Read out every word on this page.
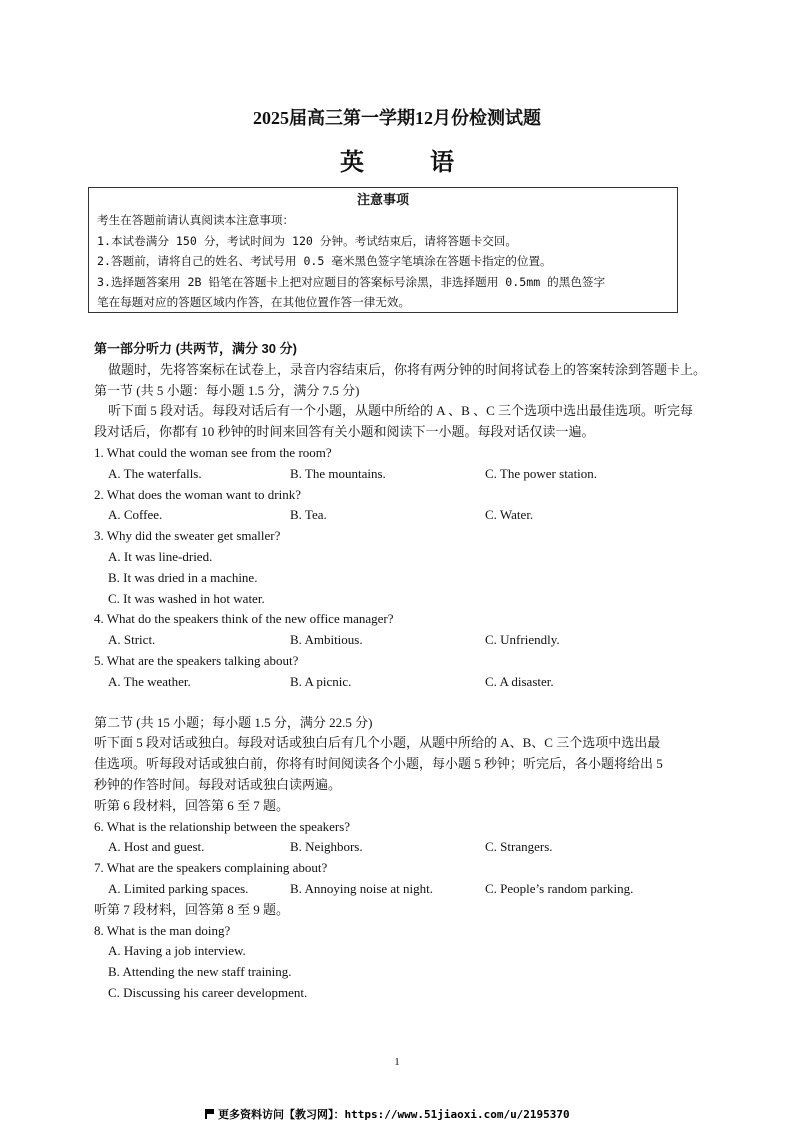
2025届高三第一学期12月份检测试题
英 语
注意事项

考生在答题前请认真阅读本注意事项：

1.本试卷满分 150 分，考试时间为 120 分钟。考试结束后，请将答题卡交回。

2.答题前，请将自己的姓名、考试号用 0.5 毫米黑色签字笔填涂在答题卡指定的位置。

3.选择题答案用 2B 铅笔在答题卡上把对应题目的答案标号涂黑，非选择题用 0.5mm 的黑色签字

笔在每题对应的答题区域内作答，在其他位置作答一律无效。

第一部分听力 (共两节，满分 30 分)

做题时，先将答案标在试卷上，录音内容结束后，你将有两分钟的时间将试卷上的答案转涂到答题卡上。

第一节 (共 5 小题：每小题 1.5 分，满分 7.5 分)

听下面 5 段对话。每段对话后有一个小题，从题中所给的 A 、B 、C 三个选项中选出最佳选项。听完每

段对话后，你都有 10 秒钟的时间来回答有关小题和阅读下一小题。每段对话仅读一遍。

1. What could the woman see from the room?

A. The waterfalls.	B. The mountains.	C. The power station.

2. What does the woman want to drink?

A. Coffee.	B. Tea.	C. Water.

3. Why did the sweater get smaller?

A. It was line-dried.

B. It was dried in a machine.

C. It was washed in hot water.

4. What do the speakers think of the new office manager?

A. Strict.	B. Ambitious.	C. Unfriendly.

5. What are the speakers talking about?

A. The weather.	B. A picnic.	C. A disaster.

第二节 (共 15 小题；每小题 1.5 分，满分 22.5 分)

听下面 5 段对话或独白。每段对话或独白后有几个小题，从题中所给的 A、B、C 三个选项中选出最

佳选项。听每段对话或独白前，你将有时间阅读各个小题，每小题 5 秒钟；听完后，各小题将给出 5

秒钟的作答时间。每段对话或独白读两遍。

听第 6 段材料，回答第 6 至 7 题。

6. What is the relationship between the speakers?

A. Host and guest.	B. Neighbors.	C. Strangers.

7. What are the speakers complaining about?

A. Limited parking spaces.	B. Annoying noise at night.	C. People’s random parking.

听第 7 段材料，回答第 8 至 9 题。

8. What is the man doing?

A. Having a job interview.

B. Attending the new staff training.

C. Discussing his career development.

1
更多资料访问【教习网】：https://www.51jiaoxi.com/u/2195370
